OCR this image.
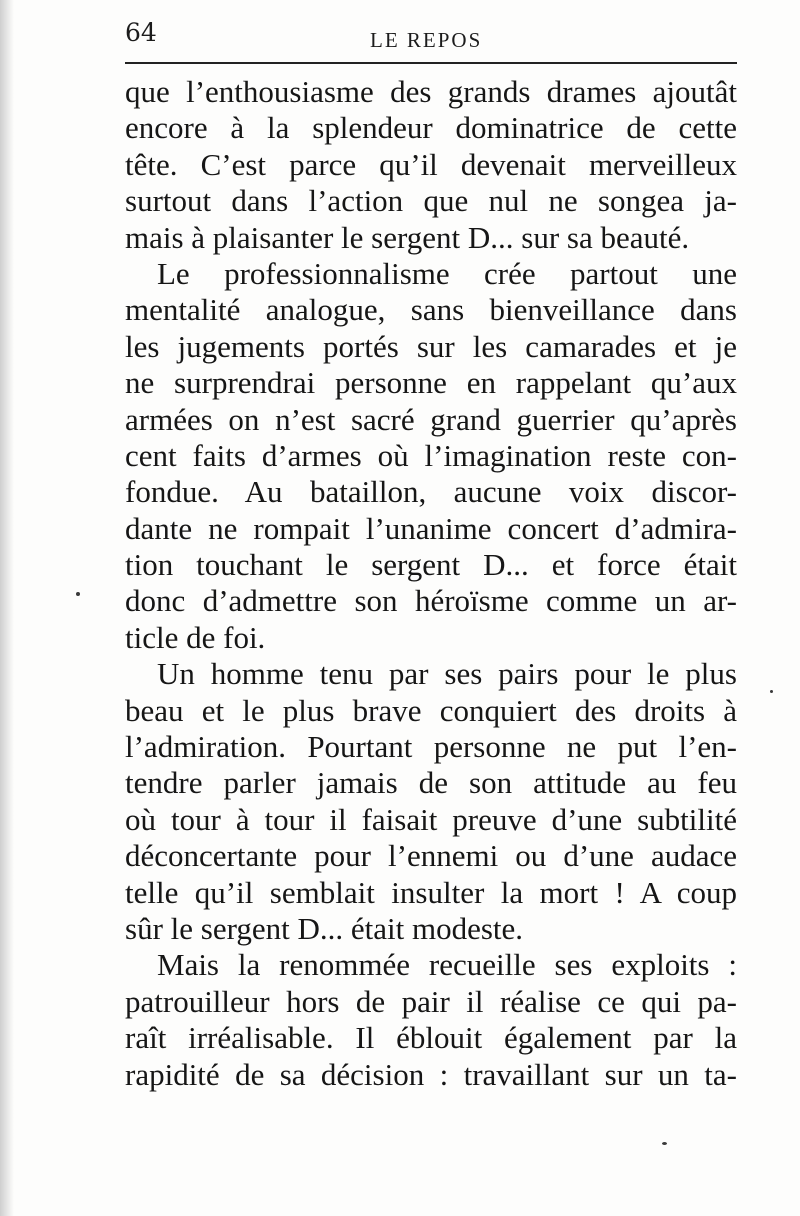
64	LE REPOS
que l’enthousiasme des grands drames ajoutât
encore à la splendeur dominatrice de cette
tête. C’est parce qu’il devenait merveilleux
surtout dans l’action que nul ne songea ja-
mais à plaisanter le sergent D... sur sa beauté.
Le professionnalisme crée partout une
mentalité analogue, sans bienveillance dans
les jugements portés sur les camarades et je
ne surprendrai personne en rappelant qu’aux
armées on n’est sacré grand guerrier qu’après
cent faits d’armes où l’imagination reste con-
fondue. Au bataillon, aucune voix discor-
dante ne rompait l’unanime concert d’admira-
tion touchant le sergent D... et force était
donc d’admettre son héroïsme comme un ar-
ticle de foi.
Un homme tenu par ses pairs pour le plus
beau et le plus brave conquiert des droits à
l’admiration. Pourtant personne ne put l’en-
tendre parler jamais de son attitude au feu
où tour à tour il faisait preuve d’une subtilité
déconcertante pour l’ennemi ou d’une audace
telle qu’il semblait insulter la mort ! A coup
sûr le sergent D... était modeste.
Mais la renommée recueille ses exploits :
patrouilleur hors de pair il réalise ce qui pa-
raît irréalisable. Il éblouit également par la
rapidité de sa décision : travaillant sur un ta-
